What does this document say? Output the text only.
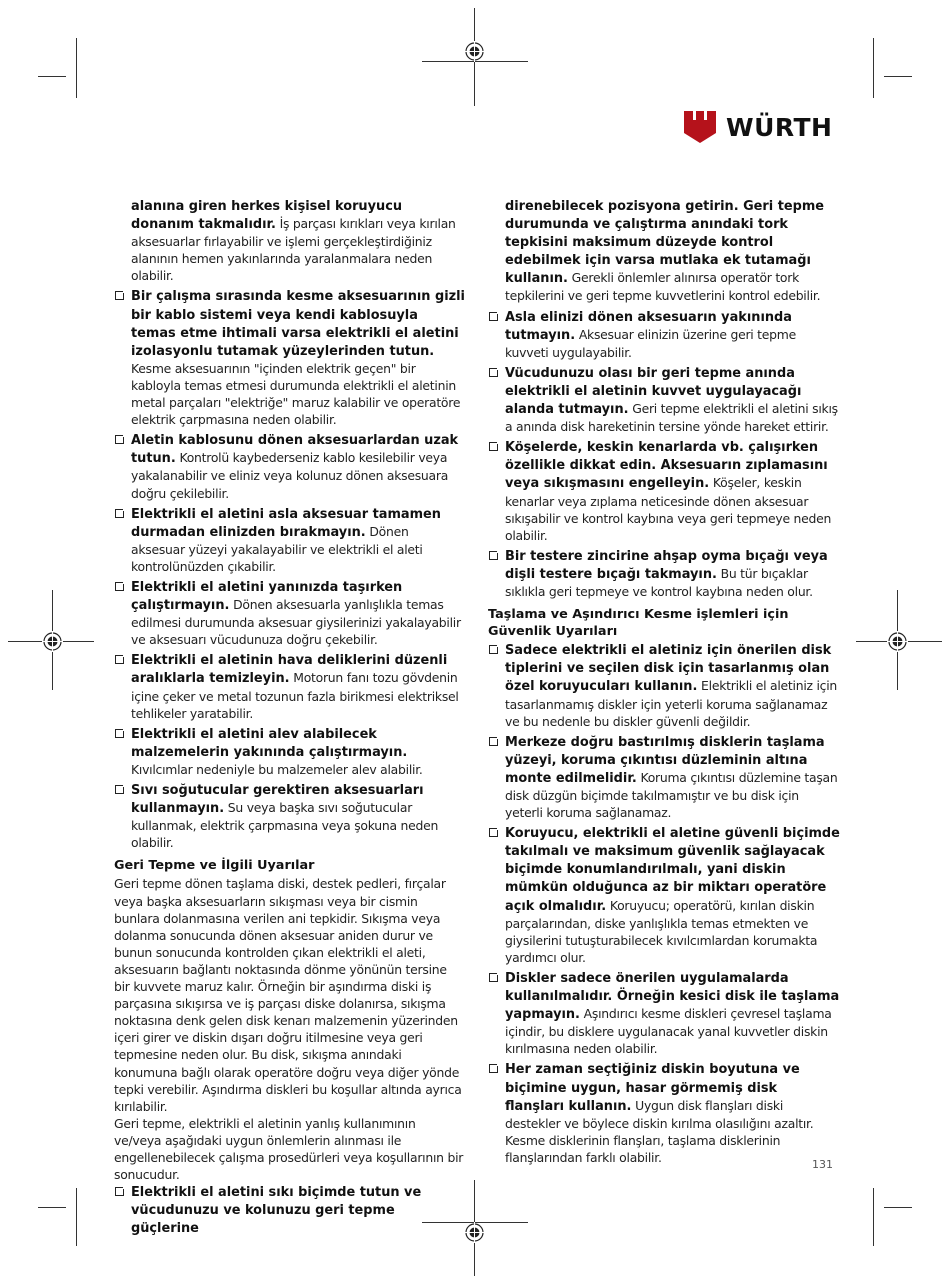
WÜRTH
alanına giren herkes kişisel koruyucu donanım takmalıdır. İş parçası kırıkları veya kırılan aksesuarlar fırlayabilir ve işlemi gerçekleştirdiğiniz alanının hemen yakınlarında yaralanmalara neden olabilir.
Bir çalışma sırasında kesme aksesuarının gizli bir kablo sistemi veya kendi kablosuyla temas etme ihtimali varsa elektrikli el aletini izolasyonlu tutamak yüzeylerinden tutun. Kesme aksesuarının "içinden elektrik geçen" bir kabloyla temas etmesi durumunda elektrikli el aletinin metal parçaları "elektriğe" maruz kalabilir ve operatöre elektrik çarpmasına neden olabilir.
Aletin kablosunu dönen aksesuarlardan uzak tutun. Kontrolü kaybederseniz kablo kesilebilir veya yakalanabilir ve eliniz veya kolunuz dönen aksesuara doğru çekilebilir.
Elektrikli el aletini asla aksesuar tamamen durmadan elinizden bırakmayın. Dönen aksesuar yüzeyi yakalayabilir ve elektrikli el aleti kontrolünüzden çıkabilir.
Elektrikli el aletini yanınızda taşırken çalıştırmayın. Dönen aksesuarla yanlışlıkla temas edilmesi durumunda aksesuar giysilerinizi yakalayabilir ve aksesuarı vücudunuza doğru çekebilir.
Elektrikli el aletinin hava deliklerini düzenli aralıklarla temizleyin. Motorun fanı tozu gövdenin içine çeker ve metal tozunun fazla birikmesi elektriksel tehlikeler yaratabilir.
Elektrikli el aletini alev alabilecek malzemelerin yakınında çalıştırmayın. Kıvılcımlar nedeniyle bu malzemeler alev alabilir.
Sıvı soğutucular gerektiren aksesuarları kullanmayın. Su veya başka sıvı soğutucular kullanmak, elektrik çarpmasına veya şokuna neden olabilir.
Geri Tepme ve İlgili Uyarılar

Geri tepme dönen taşlama diski, destek pedleri, fırçalar veya başka aksesuarların sıkışması veya bir cismin bunlara dolanmasına verilen ani tepkidir. Sıkışma veya dolanma sonucunda dönen aksesuar aniden durur ve bunun sonucunda kontrolden çıkan elektrikli el aleti, aksesuarın bağlantı noktasında dönme yönünün tersine bir kuvvete maruz kalır. Örneğin bir aşındırma diski iş parçasına sıkışırsa ve iş parçası diske dolanırsa, sıkışma noktasına denk gelen disk kenarı malzemenin yüzerinden içeri girer ve diskin dışarı doğru itilmesine veya geri tepmesine neden olur. Bu disk, sıkışma anındaki konumuna bağlı olarak operatöre doğru veya diğer yönde tepki verebilir. Aşındırma diskleri bu koşullar altında ayrıca kırılabilir.

Geri tepme, elektrikli el aletinin yanlış kullanımının ve/veya aşağıdaki uygun önlemlerin alınması ile engellenebilecek çalışma prosedürleri veya koşullarının bir sonucudur.

Elektrikli el aletini sıkı biçimde tutun ve vücudunuzu ve kolunuzu geri tepme güçlerine
direnebilecek pozisyona getirin. Geri tepme durumunda ve çalıştırma anındaki tork tepkisini maksimum düzeyde kontrol edebilmek için varsa mutlaka ek tutamağı kullanın. Gerekli önlemler alınırsa operatör tork tepkilerini ve geri tepme kuvvetlerini kontrol edebilir.
Asla elinizi dönen aksesuarın yakınında tutmayın. Aksesuar elinizin üzerine geri tepme kuvveti uygulayabilir.
Vücudunuzu olası bir geri tepme anında elektrikli el aletinin kuvvet uygulayacağı alanda tutmayın. Geri tepme elektrikli el aletini sıkış a anında disk hareketinin tersine yönde hareket ettirir.
Köşelerde, keskin kenarlarda vb. çalışırken özellikle dikkat edin. Aksesuarın zıplamasını veya sıkışmasını engelleyin. Köşeler, keskin kenarlar veya zıplama neticesinde dönen aksesuar sıkışabilir ve kontrol kaybına veya geri tepmeye neden olabilir.
Bir testere zincirine ahşap oyma bıçağı veya dişli testere bıçağı takmayın. Bu tür bıçaklar sıklıkla geri tepmeye ve kontrol kaybına neden olur.
Taşlama ve Aşındırıcı Kesme işlemleri için Güvenlik Uyarıları
Sadece elektrikli el aletiniz için önerilen disk tiplerini ve seçilen disk için tasarlanmış olan özel koruyucuları kullanın. Elektrikli el aletiniz için tasarlanmamış diskler için yeterli koruma sağlanamaz ve bu nedenle bu diskler güvenli değildir.
Merkeze doğru bastırılmış disklerin taşlama yüzeyi, koruma çıkıntısı düzleminin altına monte edilmelidir. Koruma çıkıntısı düzlemine taşan disk düzgün biçimde takılmamıştır ve bu disk için yeterli koruma sağlanamaz.
Koruyucu, elektrikli el aletine güvenli biçimde takılmalı ve maksimum güvenlik sağlayacak biçimde konumlandırılmalı, yani diskin mümkün olduğunca az bir miktarı operatöre açık olmalıdır. Koruyucu; operatörü, kırılan diskin parçalarından, diske yanlışlıkla temas etmekten ve giysilerini tutuşturabilecek kıvılcımlardan korumakta yardımcı olur.
Diskler sadece önerilen uygulamalarda kullanılmalıdır. Örneğin kesici disk ile taşlama yapmayın. Aşındırıcı kesme diskleri çevresel taşlama içindir, bu disklere uygulanacak yanal kuvvetler diskin kırılmasına neden olabilir.
Her zaman seçtiğiniz diskin boyutuna ve biçimine uygun, hasar görmemiş disk flanşları kullanın. Uygun disk flanşları diski destekler ve böylece diskin kırılma olasılığını azaltır. Kesme disklerinin flanşları, taşlama disklerinin flanşlarından farklı olabilir.	131
